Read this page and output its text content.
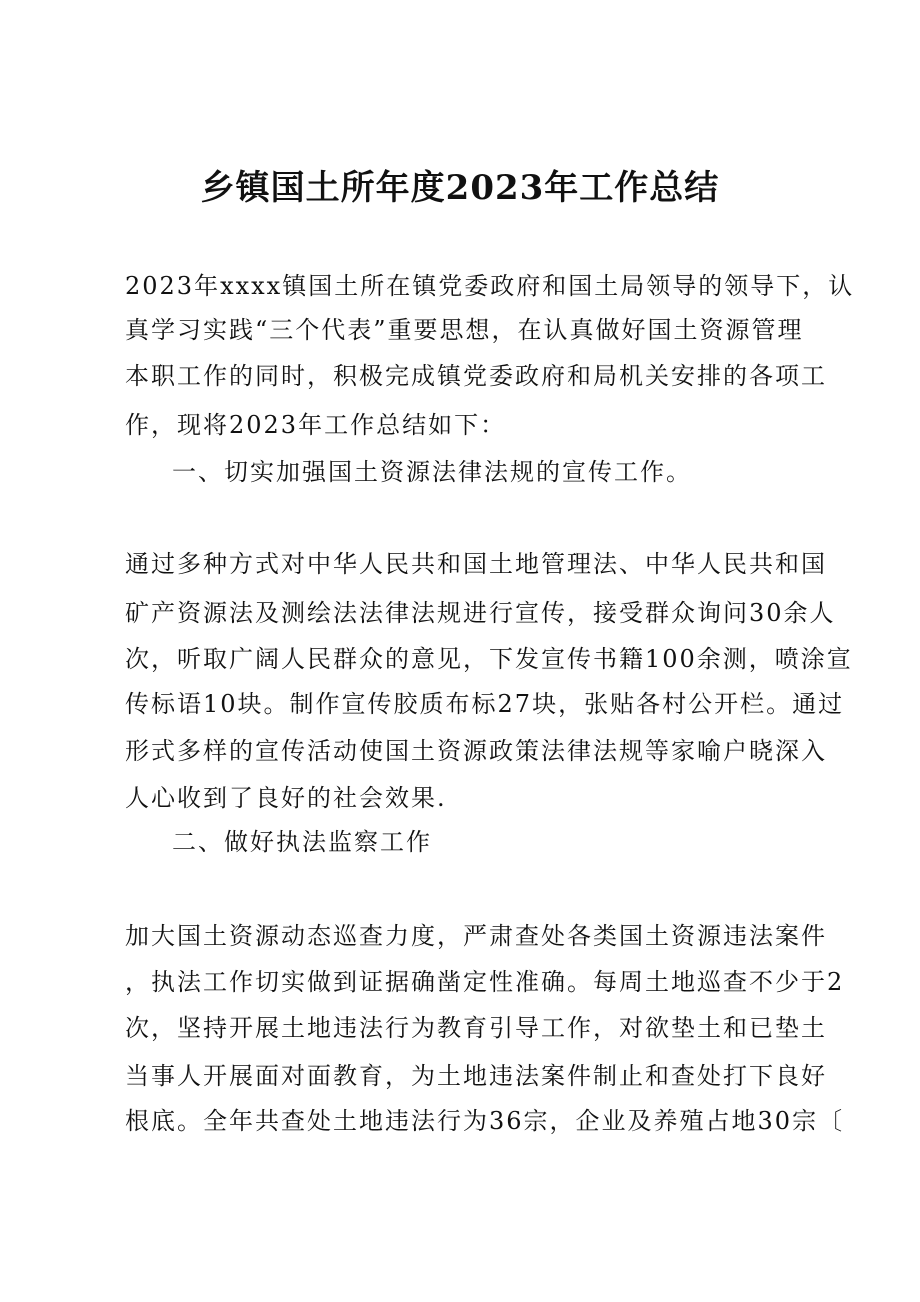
乡镇国土所年度2023年工作总结
2023年xxxx镇国土所在镇党委政府和国土局领导的领导下，认
真学习实践“三个代表”重要思想，在认真做好国土资源管理
本职工作的同时，积极完成镇党委政府和局机关安排的各项工
作，现将2023年工作总结如下：
一、切实加强国土资源法律法规的宣传工作。
通过多种方式对中华人民共和国土地管理法、中华人民共和国
矿产资源法及测绘法法律法规进行宣传，接受群众询问30余人
次，听取广阔人民群众的意见，下发宣传书籍100余测，喷涂宣
传标语10块。制作宣传胶质布标27块，张贴各村公开栏。通过
形式多样的宣传活动使国土资源政策法律法规等家喻户晓深入
人心收到了良好的社会效果.
二、做好执法监察工作
加大国土资源动态巡查力度，严肃查处各类国土资源违法案件
，执法工作切实做到证据确凿定性准确。每周土地巡查不少于2
次，坚持开展土地违法行为教育引导工作，对欲垫土和已垫土
当事人开展面对面教育，为土地违法案件制止和查处打下良好
根底。全年共查处土地违法行为36宗，企业及养殖占地30宗〔
